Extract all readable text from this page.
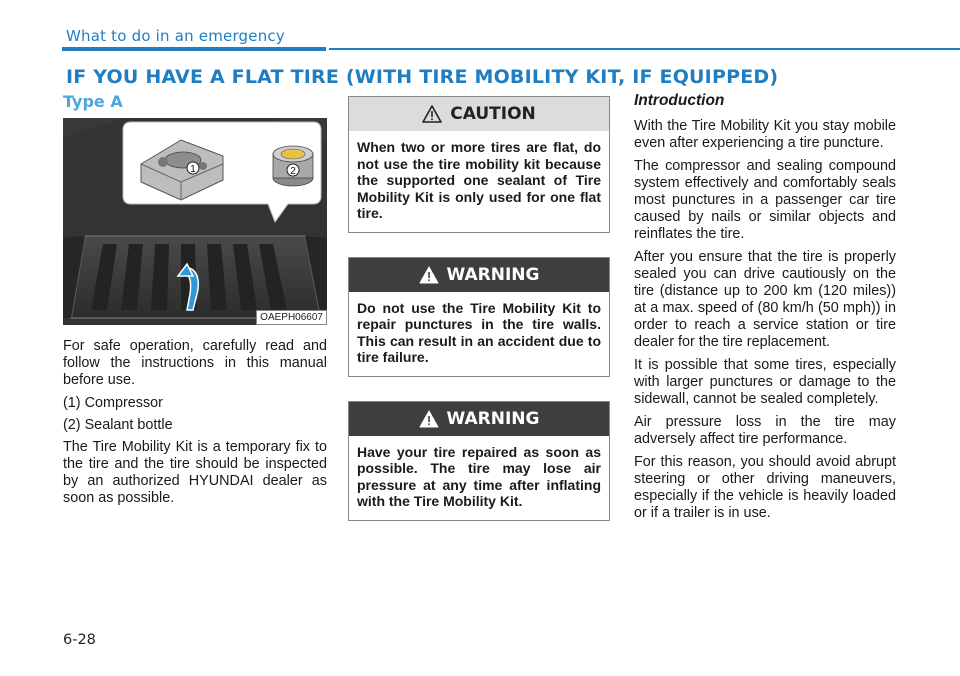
What to do in an emergency
IF YOU HAVE A FLAT TIRE (WITH TIRE MOBILITY KIT, IF EQUIPPED)
Type A
1	2
OAEPH06607

For safe operation, carefully read and follow the instructions in this manual before use.

(1) Compressor

(2) Sealant bottle

The Tire Mobility Kit is a temporary fix to the tire and the tire should be inspected by an authorized HYUNDAI dealer as soon as possible.

CAUTION
When two or more tires are flat, do not use the tire mobility kit because the supported one sealant of Tire Mobility Kit is only used for one flat tire.
WARNING
Do not use the Tire Mobility Kit to repair punctures in the tire walls. This can result in an accident due to tire failure.
WARNING
Have your tire repaired as soon as possible. The tire may lose air pressure at any time after inflating with the Tire Mobility Kit.
Introduction

With the Tire Mobility Kit you stay mobile even after experiencing a tire puncture.

The compressor and sealing compound system effectively and comfortably seals most punctures in a passenger car tire caused by nails or similar objects and reinflates the tire.

After you ensure that the tire is properly sealed you can drive cautiously on the tire (distance up to 200 km (120 miles)) at a max. speed of (80 km/h (50 mph)) in order to reach a service station or tire dealer for the tire replacement.

It is possible that some tires, especially with larger punctures or damage to the sidewall, cannot be sealed completely.

Air pressure loss in the tire may adversely affect tire performance.

For this reason, you should avoid abrupt steering or other driving maneuvers, especially if the vehicle is heavily loaded or if a trailer is in use.

6-28
